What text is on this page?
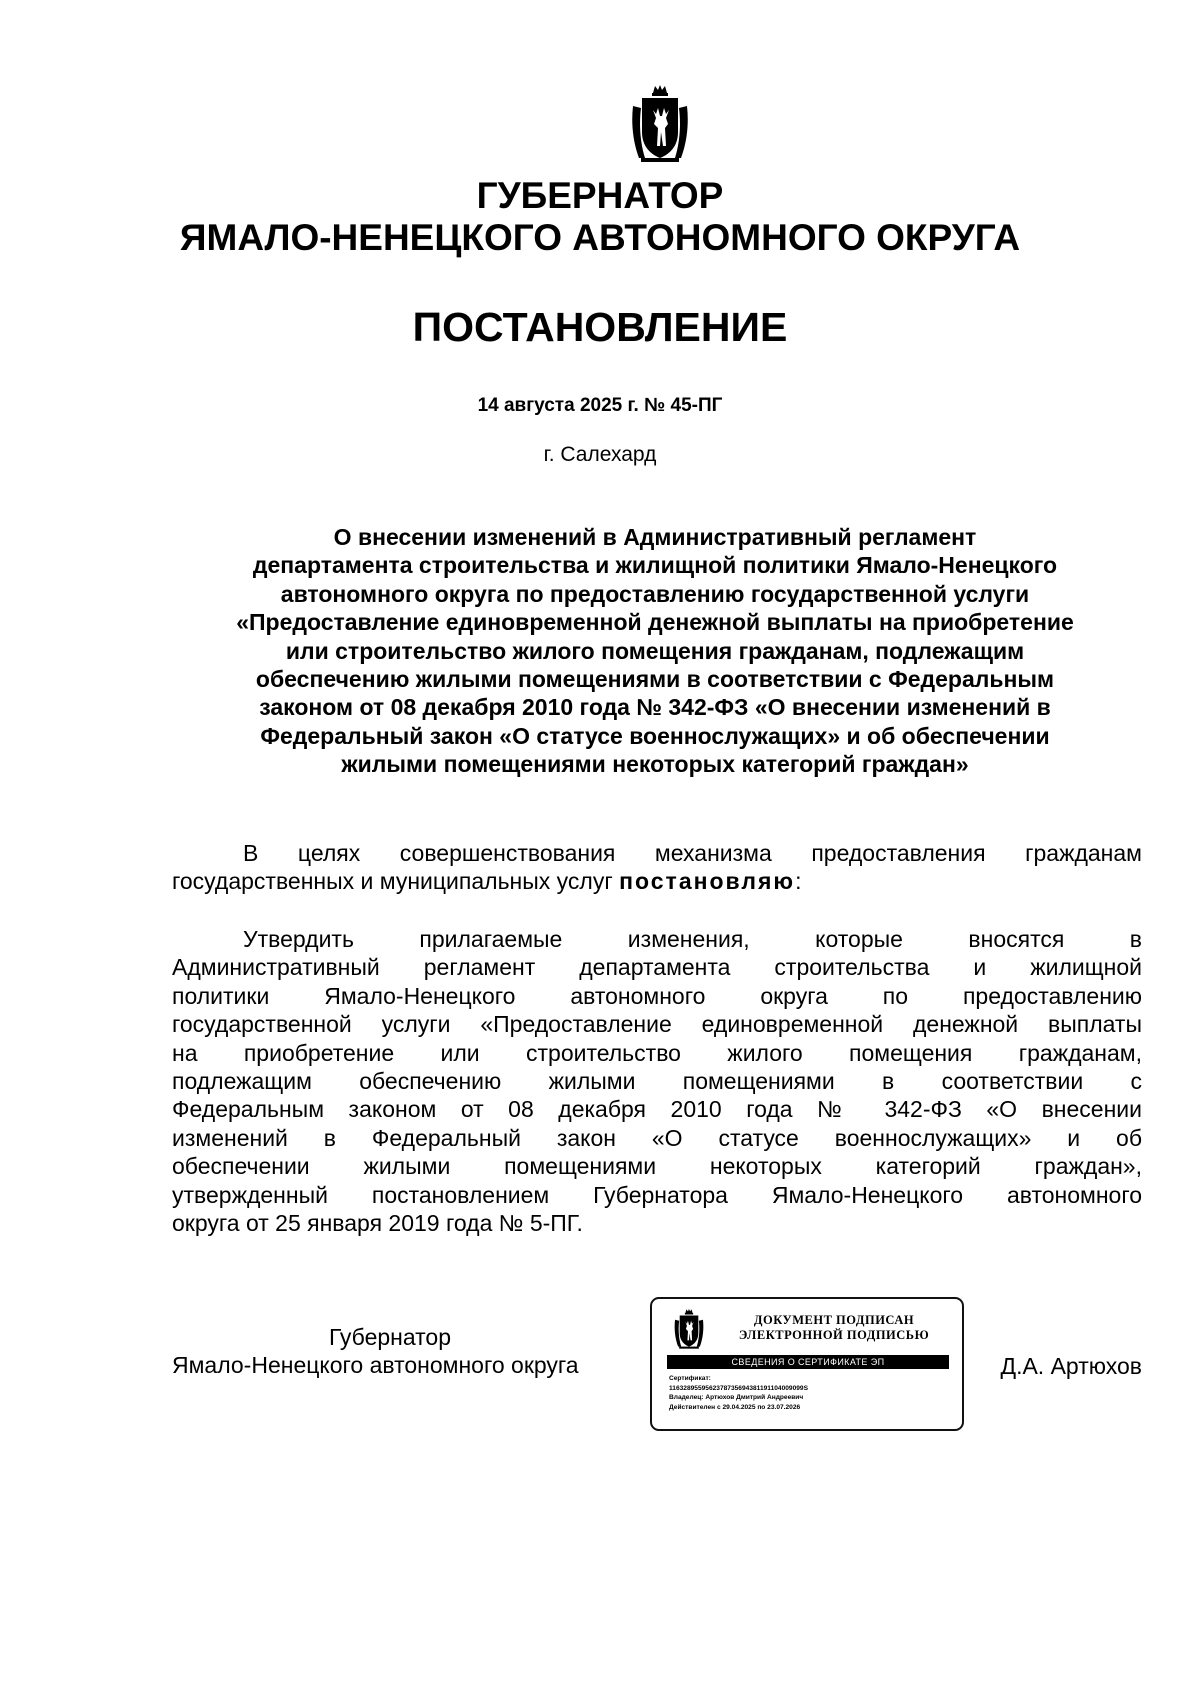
ГУБЕРНАТОР
ЯМАЛО-НЕНЕЦКОГО АВТОНОМНОГО ОКРУГА
ПОСТАНОВЛЕНИЕ
14 августа 2025 г. № 45-ПГ
г. Салехард
О внесении изменений в Административный регламент
департамента строительства и жилищной политики Ямало-Ненецкого
автономного округа по предоставлению государственной услуги
«Предоставление единовременной денежной выплаты на приобретение
или строительство жилого помещения гражданам, подлежащим
обеспечению жилыми помещениями в соответствии с Федеральным
законом от 08 декабря 2010 года № 342-ФЗ «О внесении изменений в
Федеральный закон «О статусе военнослужащих» и об обеспечении
жилыми помещениями некоторых категорий граждан»
В целях совершенствования механизма предоставления гражданам
государственных и муниципальных услуг постановляю:
Утвердить прилагаемые изменения, которые вносятся в
Административный регламент департамента строительства и жилищной
политики Ямало-Ненецкого автономного округа по предоставлению
государственной услуги «Предоставление единовременной денежной выплаты
на приобретение или строительство жилого помещения гражданам,
подлежащим обеспечению жилыми помещениями в соответствии с
Федеральным законом от 08 декабря 2010 года № 342-ФЗ «О внесении
изменений в Федеральный закон «О статусе военнослужащих» и об
обеспечении жилыми помещениями некоторых категорий граждан»,
утвержденный постановлением Губернатора Ямало-Ненецкого автономного
округа от 25 января 2019 года № 5-ПГ.
Губернатор
Ямало-Ненецкого автономного округа
ДОКУМЕНТ ПОДПИСАН
ЭЛЕКТРОННОЙ ПОДПИСЬЮ
СВЕДЕНИЯ О СЕРТИФИКАТЕ ЭП
Сертификат:
1163289559562378735694381191104009099S
Владелец: Артюхов Дмитрий Андреевич
Действителен с 29.04.2025 по 23.07.2026
Д.А. Артюхов
